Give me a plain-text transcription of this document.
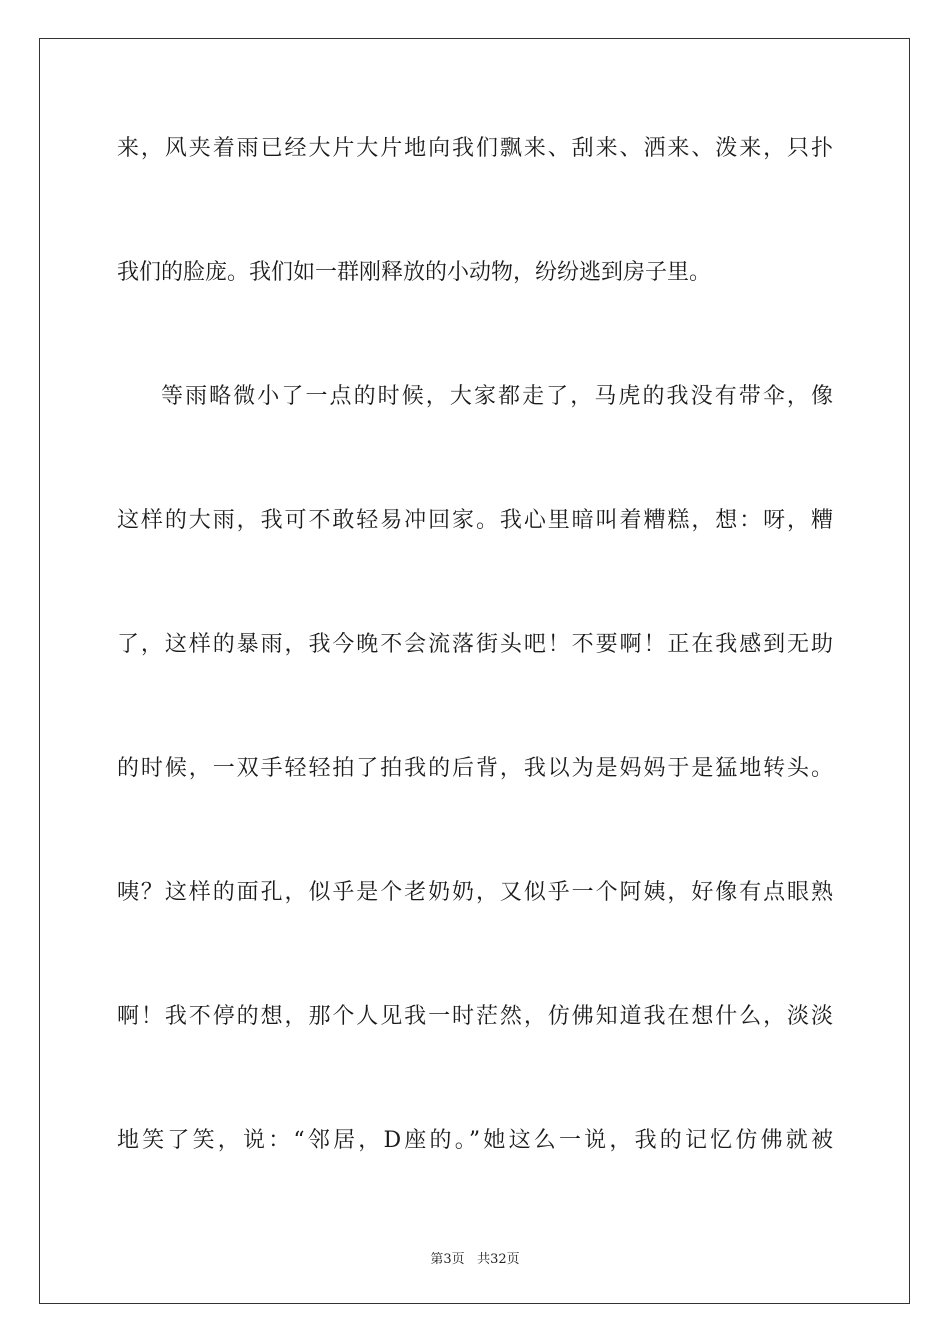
来，风夹着雨已经大片大片地向我们飘来、刮来、洒来、泼来，只扑
我们的脸庞。我们如一群刚释放的小动物，纷纷逃到房子里。
等雨略微小了一点的时候，大家都走了，马虎的我没有带伞，像
这样的大雨，我可不敢轻易冲回家。我心里暗叫着糟糕，想：呀，糟
了，这样的暴雨，我今晚不会流落街头吧！不要啊！正在我感到无助
的时候，一双手轻轻拍了拍我的后背，我以为是妈妈于是猛地转头。
咦？这样的面孔，似乎是个老奶奶，又似乎一个阿姨，好像有点眼熟
啊！我不停的想，那个人见我一时茫然，仿佛知道我在想什么，淡淡
地笑了笑，说：“邻居，D座的。”她这么一说，我的记忆仿佛就被
第3页 共32页
